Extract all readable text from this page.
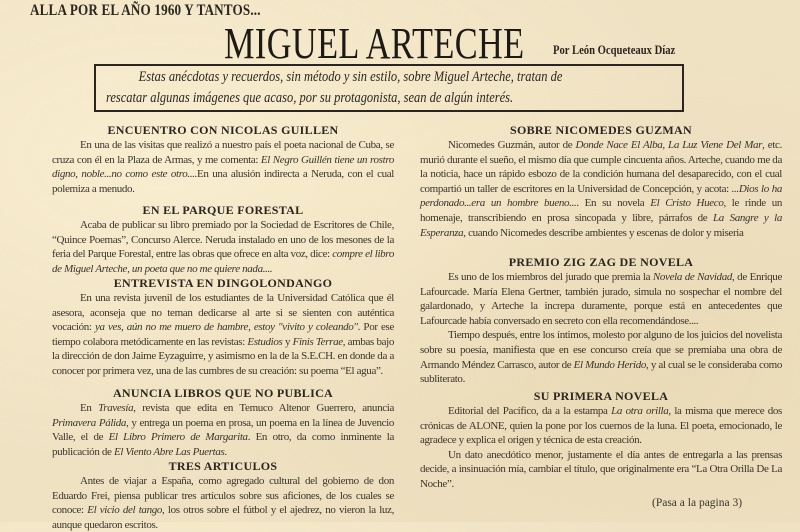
ALLA POR EL AÑO 1960 Y TANTOS...
MIGUEL ARTECHE Por León Ocqueteaux Díaz
Estas anécdotas y recuerdos, sin método y sin estilo, sobre Miguel Arteche, tratan de
rescatar algunas imágenes que acaso, por su protagonista, sean de algún interés.
ENCUENTRO CON NICOLAS GUILLEN

En una de las visitas que realizó a nuestro país el poeta nacional de Cuba, se cruza con él en la Plaza de Armas, y me comenta: El Negro Guillén tiene un rostro digno, noble...no como este otro....En una alusión indirecta a Neruda, con el cual polemiza a menudo.

EN EL PARQUE FORESTAL

Acaba de publicar su libro premiado por la Sociedad de Escritores de Chile, “Quince Poemas”, Concurso Alerce. Neruda instalado en uno de los mesones de la feria del Parque Forestal, entre las obras que ofrece en alta voz, dice: compre el libro de Miguel Arteche, un poeta que no me quiere nada....

ENTREVISTA EN DINGOLONDANGO

En una revista juvenil de los estudiantes de la Universidad Católica que él asesora, aconseja que no teman dedicarse al arte si se sienten con auténtica vocación: ya ves, aún no me muero de hambre, estoy "vivito y coleando". Por ese tiempo colabora metódicamente en las revistas: Estudios y Finis Terrae, ambas bajo la dirección de don Jaime Eyzaguirre, y asimismo en la de la S.E.CH. en donde da a conocer por primera vez, una de las cumbres de su creación: su poema “El agua”.

ANUNCIA LIBROS QUE NO PUBLICA

En Travesía, revista que edita en Temuco Altenor Guerrero, anuncia Primavera Pálida, y entrega un poema en prosa, un poema en la línea de Juvencio Valle, el de El Libro Primero de Margarita. En otro, da como inminente la publicación de El Viento Abre Las Puertas.

TRES ARTICULOS

Antes de viajar a España, como agregado cultural del gobierno de don Eduardo Frei, piensa publicar tres artículos sobre sus aficiones, de los cuales se conoce: El vicio del tango, los otros sobre el fútbol y el ajedrez, no vieron la luz, aunque quedaron escritos.

SOBRE NICOMEDES GUZMAN

Nicomedes Guzmán, autor de Donde Nace El Alba, La Luz Viene Del Mar, etc. murió durante el sueño, el mismo día que cumple cincuenta años. Arteche, cuando me da la noticia, hace un rápido esbozo de la condición humana del desaparecido, con el cual compartió un taller de escritores en la Universidad de Concepción, y acota: ...Dios lo ha perdonado...era un hombre bueno.... En su novela El Cristo Hueco, le rinde un homenaje, transcribiendo en prosa sincopada y libre, párrafos de La Sangre y la Esperanza, cuando Nicomedes describe ambientes y escenas de dolor y miseria

PREMIO ZIG ZAG DE NOVELA

Es uno de los miembros del jurado que premia la Novela de Navidad, de Enrique Lafourcade. María Elena Gertner, también jurado, simula no sospechar el nombre del galardonado, y Arteche la increpa duramente, porque está en antecedentes que Lafourcade había conversado en secreto con ella recomendándose....

Tiempo después, entre los íntimos, molesto por alguno de los juicios del novelista sobre su poesía, manifiesta que en ese concurso creía que se premiaba una obra de Armando Méndez Carrasco, autor de El Mundo Herido, y al cual se le consideraba como subliterato.

SU PRIMERA NOVELA

Editorial del Pacífico, da a la estampa La otra orilla, la misma que merece dos crónicas de ALONE, quien la pone por los cuernos de la luna. El poeta, emocionado, le agradece y explica el origen y técnica de esta creación.

Un dato anecdótico menor, justamente el día antes de entregarla a las prensas decide, a insinuación mía, cambiar el título, que originalmente era “La Otra Orilla De La Noche”.

(Pasa a la pagina 3)
